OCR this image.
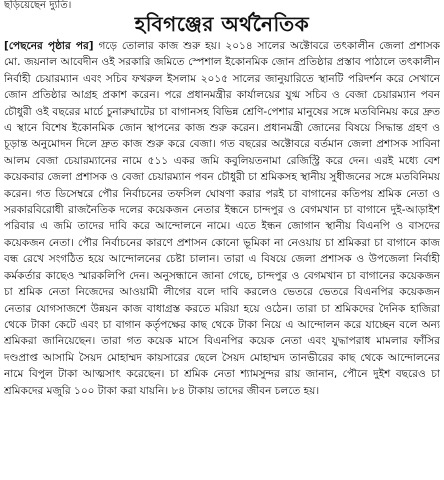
ছড়িয়েছেন দ্যুতি।
হবিগঞ্জের অর্থনৈতিক
[পেছনের পৃষ্ঠার পর] গড়ে তোলার কাজ শুরু হয়। ২০১৪ সালের অক্টোবরে তৎকালীন জেলা প্রশাসক মো. জয়নাল আবেদীন ওই সরকারি জমিতে স্পেশাল ইকোনমিক জোন প্রতিষ্ঠার প্রস্তাব পাঠালে তৎকালীন নির্বাহী চেয়ারম্যান এবং সচিব ফখরুল ইসলাম ২০১৫ সালের জানুয়ারিতে স্থানটি পরিদর্শন করে সেখানে জোন প্রতিষ্ঠার আগ্রহ প্রকাশ করেন। পরে প্রধানমন্ত্রীর কার্যালয়ের যুগ্ম সচিব ও বেজা চেয়ারম্যান পবন চৌধুরী ওই বছরের মার্চে চুনারুঘাটের চা বাগানসহ বিভিন্ন শ্রেণি-পেশার মানুষের সঙ্গে মতবিনিময় করে দ্রুত এ স্থানে বিশেষ ইকোনমিক জোন স্থাপনের কাজ শুরু করেন। প্রধানমন্ত্রী জোনের বিষয়ে সিদ্ধান্ত গ্রহণ ও চূড়ান্ত অনুমোদন দিলে দ্রুত কাজ শুরু করে বেজা। গত বছরের অক্টোবরে বর্তমান জেলা প্রশাসক সাবিনা আলম বেজা চেয়ারম্যানের নামে ৫১১ একর জমি কবুলিয়তনামা রেজিস্ট্রি করে দেন। এরই মধ্যে বেশ কয়েকবার জেলা প্রশাসক ও বেজা চেয়ারম্যান পবন চৌধুরী চা শ্রমিকসহ স্থানীয় সুধীজনের সঙ্গে মতবিনিময় করেন। গত ডিসেম্বরে পৌর নির্বাচনের তফসিল ঘোষণা করার পরই চা বাগানের কতিপয় শ্রমিক নেতা ও সরকারবিরোধী রাজনৈতিক দলের কয়েকজন নেতার ইন্ধনে চান্দপুর ও বেগমখান চা বাগানে দুই-আড়াইশ পরিবার এ জমি তাদের দাবি করে আন্দোলনে নামে। এতে ইন্ধন জোগান স্থানীয় বিএনপি ও বাসদের কয়েকজন নেতা। পৌর নির্বাচনের কারণে প্রশাসন কোনো ভূমিকা না নেওয়ায় চা শ্রমিকরা চা বাগানে কাজ বন্ধ রেখে সংগঠিত হয়ে আন্দোলনের চেষ্টা চালান। তারা এ বিষয়ে জেলা প্রশাসক ও উপজেলা নির্বাহী কর্মকর্তার কাছেও স্মারকলিপি দেন। অনুসন্ধানে জানা গেছে, চান্দপুর ও বেগমখান চা বাগানের কয়েকজন চা শ্রমিক নেতা নিজেদের আওয়ামী লীগের বলে দাবি করলেও ভেতরে ভেতরে বিএনপির কয়েকজন নেতার যোগসাজশে উন্নয়ন কাজ বাধাগ্রস্ত করতে মরিয়া হয়ে ওঠেন। তারা চা শ্রমিকদের দৈনিক হাজিরা থেকে টাকা কেটে এবং চা বাগান কর্তৃপক্ষের কাছ থেকে টাকা নিয়ে এ আন্দোলন করে যাচ্ছেন বলে অন্য শ্রমিকরা জানিয়েছেন। তারা গত কয়েক মাসে বিএনপির কয়েক নেতা এবং যুদ্ধাপরাধ মামলার ফাঁসির দণ্ডপ্রাপ্ত আসামি সৈয়দ মোহাম্মদ কায়সারের ছেলে সৈয়দ মোহাম্মদ তানভীরের কাছ থেকে আন্দোলনের নামে বিপুল টাকা আত্মসাৎ করেছেন। চা শ্রমিক নেতা শ্যামসুন্দর রায় জানান, পৌনে দুইশ বছরেও চা শ্রমিকদের মজুরি ১০০ টাকা করা যায়নি। ৮৪ টাকায় তাদের জীবন চলতে হয়।
